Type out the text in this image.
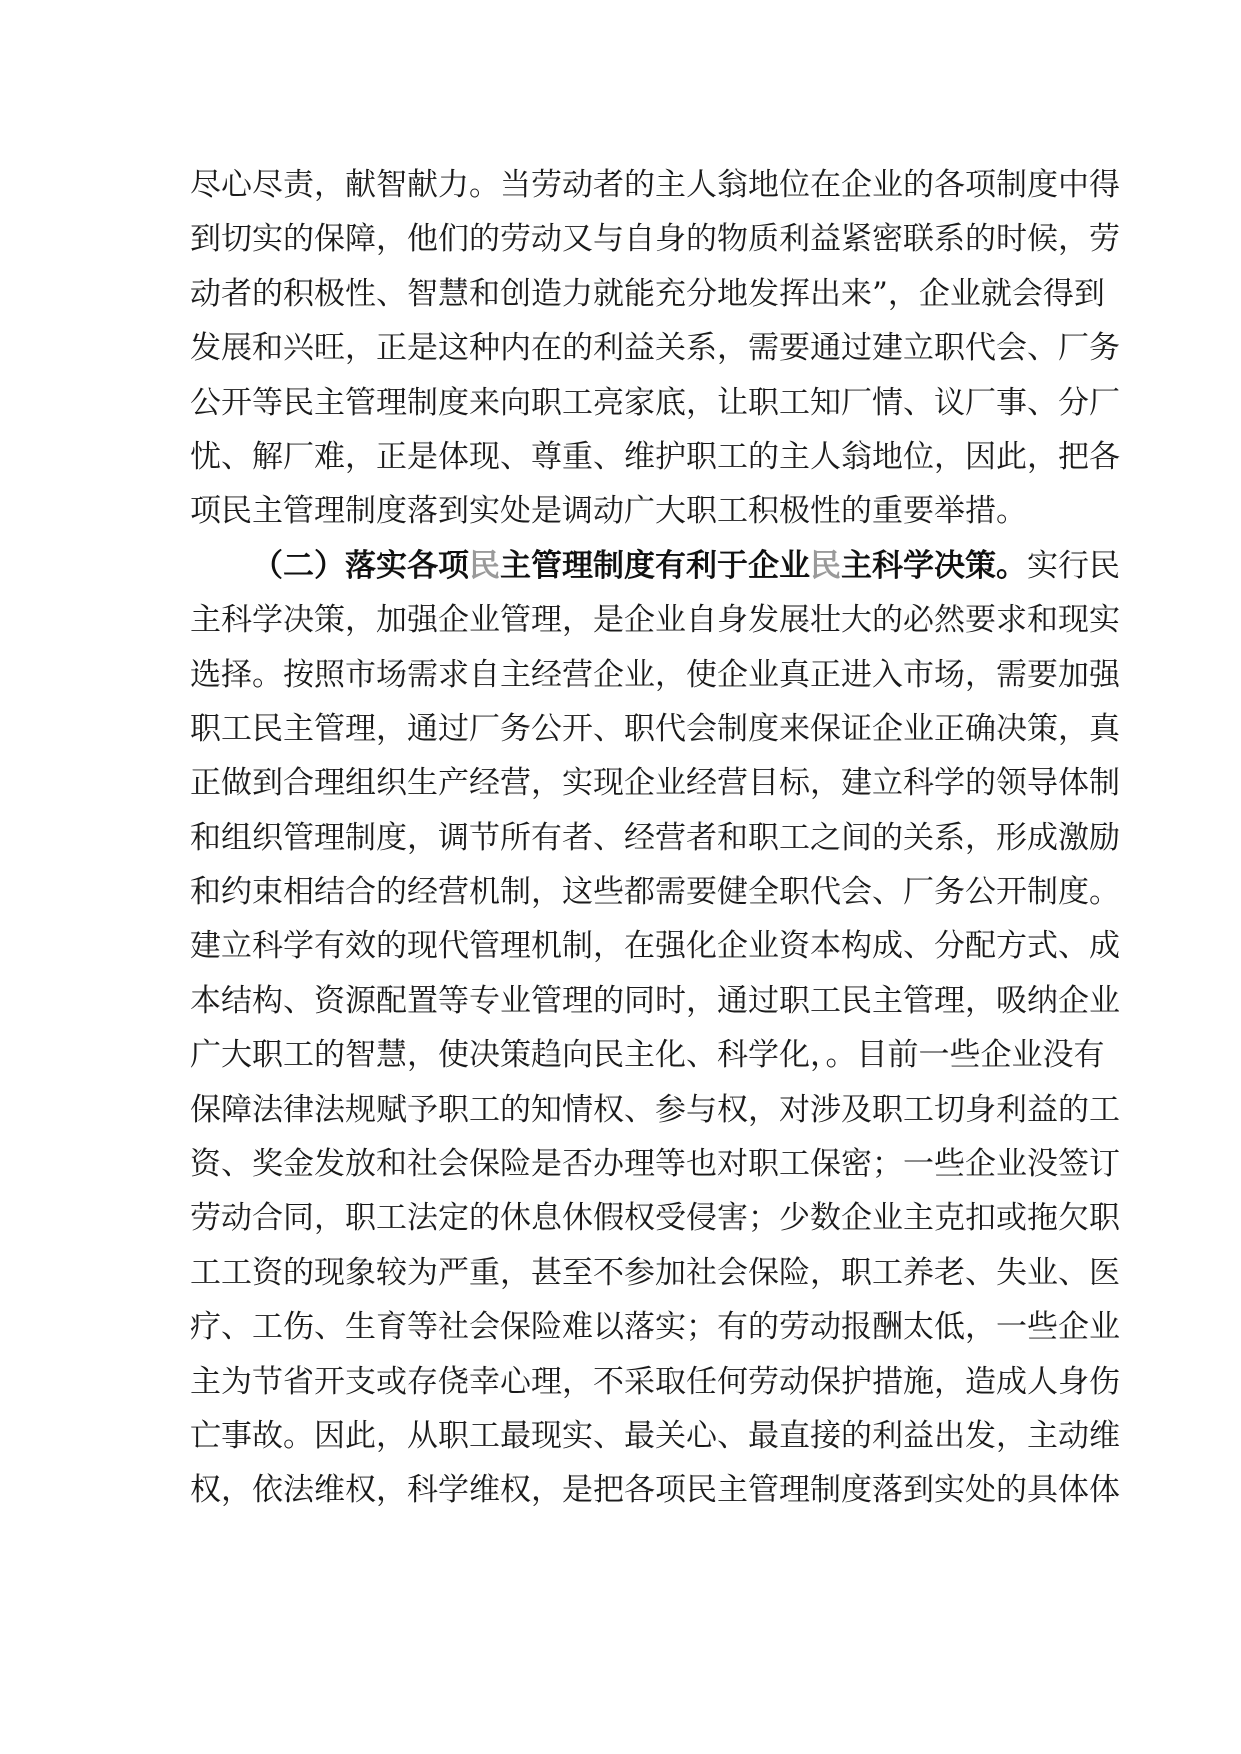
尽心尽责，献智献力。当劳动者的主人翁地位在企业的各项制度中得
到切实的保障，他们的劳动又与自身的物质利益紧密联系的时候，劳
动者的积极性、智慧和创造力就能充分地发挥出来”，企业就会得到
发展和兴旺，正是这种内在的利益关系，需要通过建立职代会、厂务
公开等民主管理制度来向职工亮家底，让职工知厂情、议厂事、分厂
忧、解厂难，正是体现、尊重、维护职工的主人翁地位，因此，把各
项民主管理制度落到实处是调动广大职工积极性的重要举措。
（二）落实各项民主管理制度有利于企业民主科学决策。实行民
主科学决策，加强企业管理，是企业自身发展壮大的必然要求和现实
选择。按照市场需求自主经营企业，使企业真正进入市场，需要加强
职工民主管理，通过厂务公开、职代会制度来保证企业正确决策，真
正做到合理组织生产经营，实现企业经营目标，建立科学的领导体制
和组织管理制度，调节所有者、经营者和职工之间的关系，形成激励
和约束相结合的经营机制，这些都需要健全职代会、厂务公开制度。
建立科学有效的现代管理机制，在强化企业资本构成、分配方式、成
本结构、资源配置等专业管理的同时，通过职工民主管理，吸纳企业
广大职工的智慧，使决策趋向民主化、科学化，。目前一些企业没有
保障法律法规赋予职工的知情权、参与权，对涉及职工切身利益的工
资、奖金发放和社会保险是否办理等也对职工保密；一些企业没签订
劳动合同，职工法定的休息休假权受侵害；少数企业主克扣或拖欠职
工工资的现象较为严重，甚至不参加社会保险，职工养老、失业、医
疗、工伤、生育等社会保险难以落实；有的劳动报酬太低，一些企业
主为节省开支或存侥幸心理，不采取任何劳动保护措施，造成人身伤
亡事故。因此，从职工最现实、最关心、最直接的利益出发，主动维
权，依法维权，科学维权，是把各项民主管理制度落到实处的具体体
